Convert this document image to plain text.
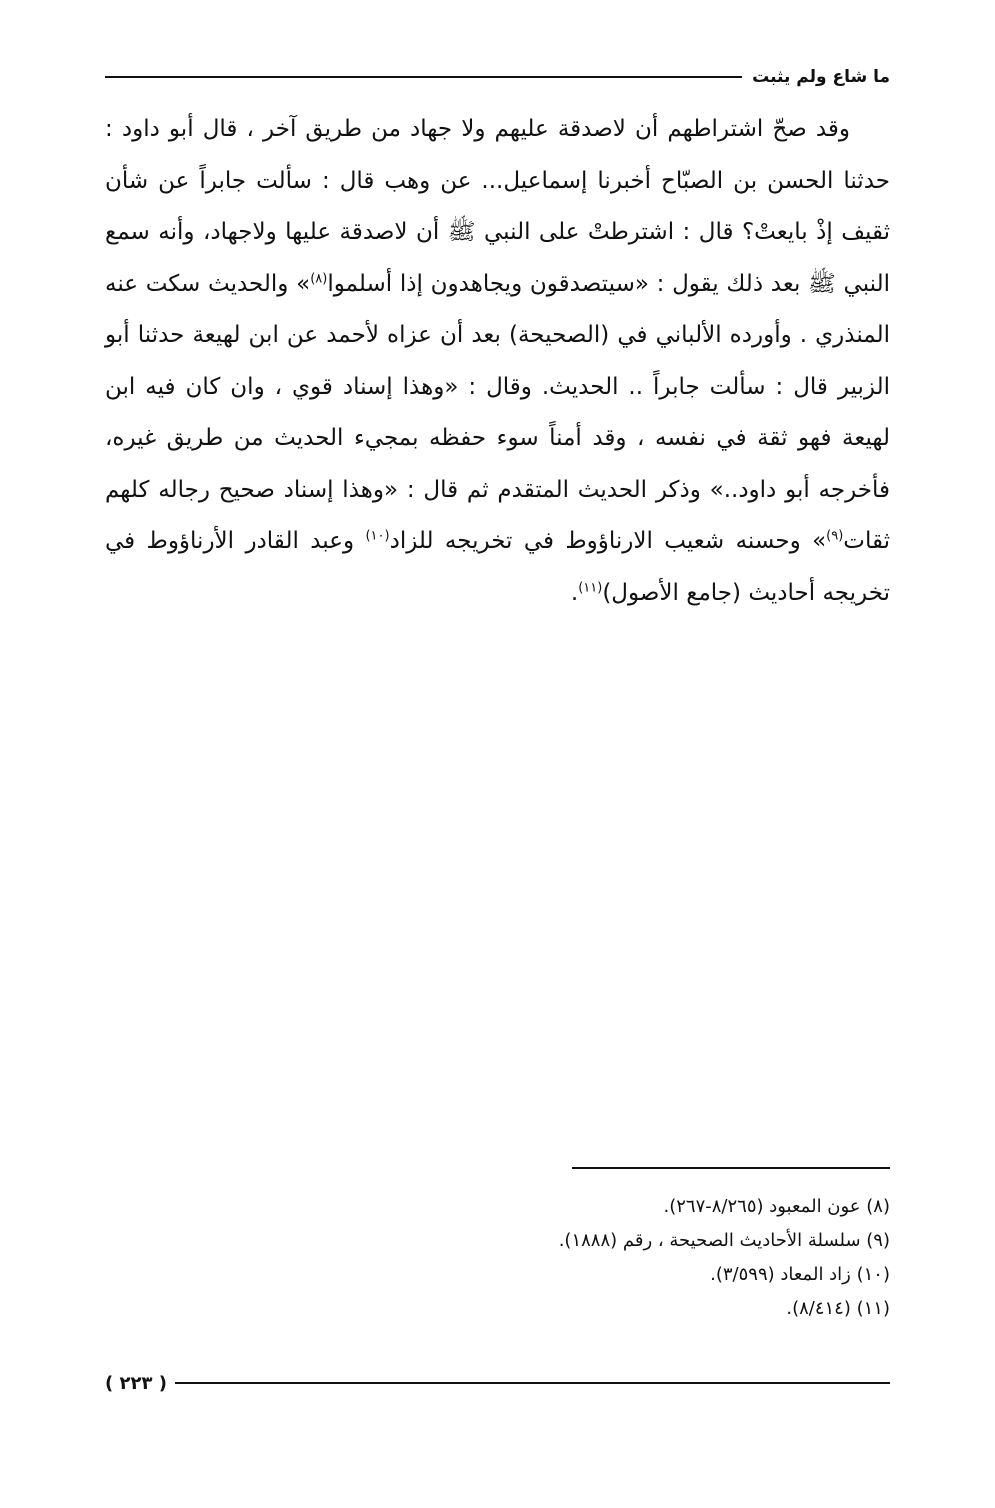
ما شاع ولم يثبت

وقد صحّ اشتراطهم أن لاصدقة عليهم ولا جهاد من طريق آخر ، قال أبو داود : حدثنا الحسن بن الصبّاح أخبرنا إسماعيل... عن وهب قال : سألت جابراً عن شأن ثقيف إذْ بايعتْ؟ قال : اشترطتْ على النبي ﷺ أن لاصدقة عليها ولاجهاد، وأنه سمع النبي ﷺ بعد ذلك يقول : «سيتصدقون ويجاهدون إذا أسلموا$^{(٨)}$» والحديث سكت عنه المنذري . وأورده الألباني في (الصحيحة) بعد أن عزاه لأحمد عن ابن لهيعة حدثنا أبو الزبير قال : سألت جابراً .. الحديث. وقال : «وهذا إسناد قوي ، وان كان فيه ابن لهيعة فهو ثقة في نفسه ، وقد أمناً سوء حفظه بمجيء الحديث من طريق غيره، فأخرجه أبو داود..» وذكر الحديث المتقدم ثم قال : «وهذا إسناد صحيح رجاله كلهم ثقات$^{(٩)}$» وحسنه شعيب الارناؤوط في تخريجه للزاد$^{(١٠)}$ وعبد القادر الأرناؤوط في تخريجه أحاديث (جامع الأصول)$^{(١١)}$.

(٨) عون المعبود (٨/٢٦٥-٢٦٧).

(٩) سلسلة الأحاديث الصحيحة ، رقم (١٨٨٨).

(١٠) زاد المعاد (٣/٥٩٩).

(١١) (٨/٤١٤).

( ٢٢٣ )
